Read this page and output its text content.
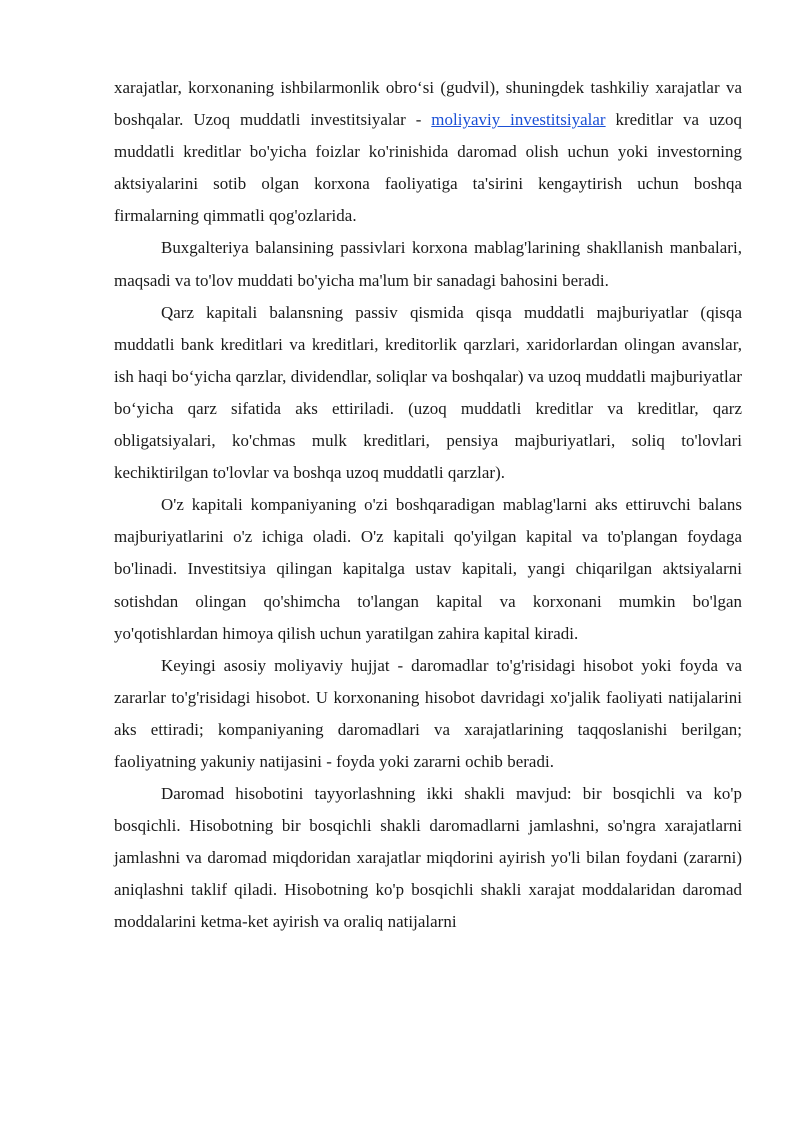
xarajatlar, korxonaning ishbilarmonlik obro‘si (gudvil), shuningdek tashkiliy xarajatlar va boshqalar. Uzoq muddatli investitsiyalar - moliyaviy investitsiyalar kreditlar va uzoq muddatli kreditlar bo'yicha foizlar ko'rinishida daromad olish uchun yoki investorning aktsiyalarini sotib olgan korxona faoliyatiga ta'sirini kengaytirish uchun boshqa firmalarning qimmatli qog'ozlarida.

Buxgalteriya balansining passivlari korxona mablag'larining shakllanish manbalari, maqsadi va to'lov muddati bo'yicha ma'lum bir sanadagi bahosini beradi.

Qarz kapitali balansning passiv qismida qisqa muddatli majburiyatlar (qisqa muddatli bank kreditlari va kreditlari, kreditorlik qarzlari, xaridorlardan olingan avanslar, ish haqi bo‘yicha qarzlar, dividendlar, soliqlar va boshqalar) va uzoq muddatli majburiyatlar bo‘yicha qarz sifatida aks ettiriladi. (uzoq muddatli kreditlar va kreditlar, qarz obligatsiyalari, ko'chmas mulk kreditlari, pensiya majburiyatlari, soliq to'lovlari kechiktirilgan to'lovlar va boshqa uzoq muddatli qarzlar).

O'z kapitali kompaniyaning o'zi boshqaradigan mablag'larni aks ettiruvchi balans majburiyatlarini o'z ichiga oladi. O'z kapitali qo'yilgan kapital va to'plangan foydaga bo'linadi. Investitsiya qilingan kapitalga ustav kapitali, yangi chiqarilgan aktsiyalarni sotishdan olingan qo'shimcha to'langan kapital va korxonani mumkin bo'lgan yo'qotishlardan himoya qilish uchun yaratilgan zahira kapital kiradi.

Keyingi asosiy moliyaviy hujjat - daromadlar to'g'risidagi hisobot yoki foyda va zararlar to'g'risidagi hisobot. U korxonaning hisobot davridagi xo'jalik faoliyati natijalarini aks ettiradi; kompaniyaning daromadlari va xarajatlarining taqqoslanishi berilgan; faoliyatning yakuniy natijasini - foyda yoki zararni ochib beradi.

Daromad hisobotini tayyorlashning ikki shakli mavjud: bir bosqichli va ko'p bosqichli. Hisobotning bir bosqichli shakli daromadlarni jamlashni, so'ngra xarajatlarni jamlashni va daromad miqdoridan xarajatlar miqdorini ayirish yo'li bilan foydani (zararni) aniqlashni taklif qiladi. Hisobotning ko'p bosqichli shakli xarajat moddalaridan daromad moddalarini ketma-ket ayirish va oraliq natijalarni
